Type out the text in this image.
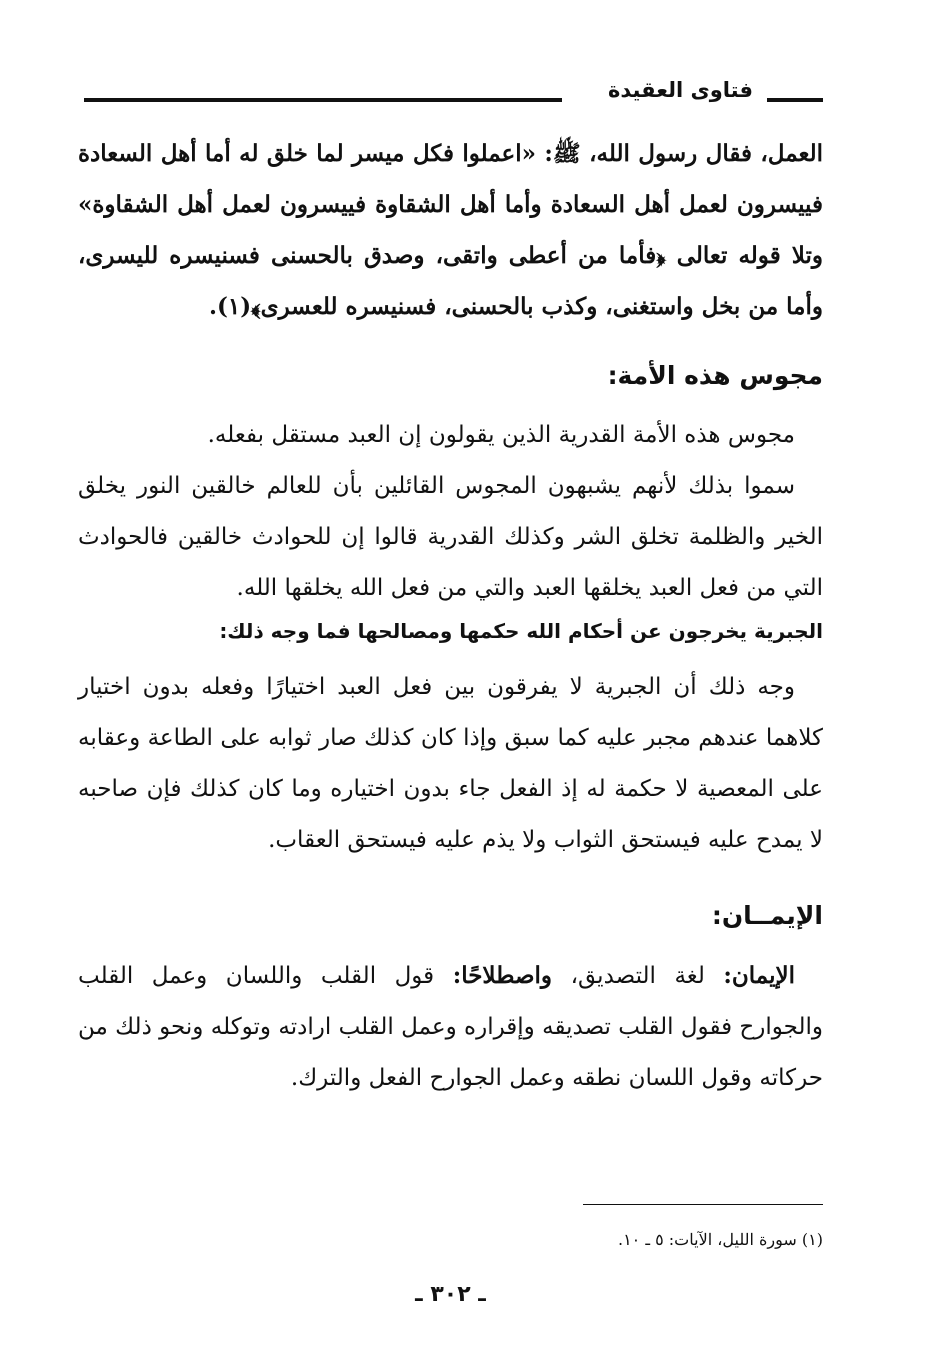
فتاوى العقيدة

العمل، فقال رسول الله، ﷺ: «اعملوا فكل ميسر لما خلق له أما أهل السعادة فييسرون لعمل أهل السعادة وأما أهل الشقاوة فييسرون لعمل أهل الشقاوة» وتلا قوله تعالى ﴿فأما من أعطى واتقى، وصدق بالحسنى فسنيسره لليسرى، وأما من بخل واستغنى، وكذب بالحسنى، فسنيسره للعسرى﴾(١).

مجوس هذه الأمة:

مجوس هذه الأمة القدرية الذين يقولون إن العبد مستقل بفعله.

سموا بذلك لأنهم يشبهون المجوس القائلين بأن للعالم خالقين النور يخلق الخير والظلمة تخلق الشر وكذلك القدرية قالوا إن للحوادث خالقين فالحوادث التي من فعل العبد يخلقها العبد والتي من فعل الله يخلقها الله.

الجبرية يخرجون عن أحكام الله حكمها ومصالحها فما وجه ذلك:

وجه ذلك أن الجبرية لا يفرقون بين فعل العبد اختيارًا وفعله بدون اختيار كلاهما عندهم مجبر عليه كما سبق وإذا كان كذلك صار ثوابه على الطاعة وعقابه على المعصية لا حكمة له إذ الفعل جاء بدون اختياره وما كان كذلك فإن صاحبه لا يمدح عليه فيستحق الثواب ولا يذم عليه فيستحق العقاب.

الإيمــان:

الإيمان: لغة التصديق، واصطلاحًا: قول القلب واللسان وعمل القلب والجوارح فقول القلب تصديقه وإقراره وعمل القلب ارادته وتوكله ونحو ذلك من حركاته وقول اللسان نطقه وعمل الجوارح الفعل والترك.

(١) سورة الليل، الآيات: ٥ ـ ١٠.
ـ ٣٠٢ ـ
